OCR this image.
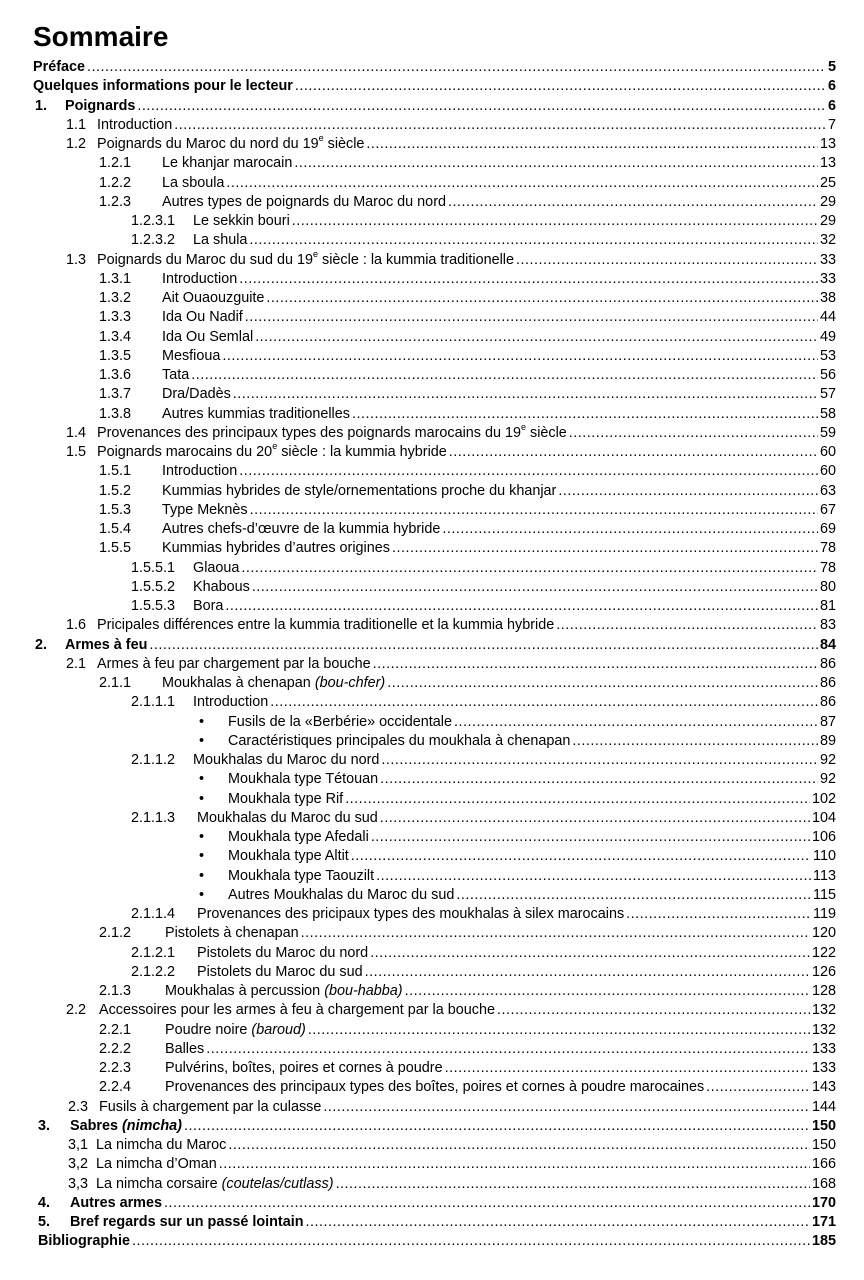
Sommaire
Préface .....	5
Quelques informations pour le lecteur .....	6
1.	Poignards .....	6
1.1 Introduction .....	7
1.2 Poignards du Maroc du nord du 19e siècle .....	13
1.2.1	Le khanjar marocain .....	13
1.2.2	La sboula .....	25
1.2.3	Autres types de poignards du Maroc du nord .....	29
1.2.3.1	Le sekkin bouri .....	29
1.2.3.2	La shula .....	32
1.3 Poignards du Maroc du sud du 19e siècle : la kummia traditionelle .....	33
1.3.1	Introduction .....	33
1.3.2	Ait Ouaouzguite .....	38
1.3.3	Ida Ou Nadif .....	44
1.3.4	Ida Ou Semlal .....	49
1.3.5	Mesfioua .....	53
1.3.6	Tata .....	56
1.3.7	Dra/Dadès .....	57
1.3.8	Autres kummias traditionelles .....	58
1.4 Provenances des principaux types des poignards marocains du 19e siècle .....	59
1.5 Poignards marocains du 20e siècle : la kummia hybride .....	60
1.5.1	Introduction .....	60
1.5.2	Kummias hybrides de style/ornementations proche du khanjar .....	63
1.5.3	Type Meknès .....	67
1.5.4	Autres chefs-d’œuvre de la kummia hybride .....	69
1.5.5	Kummias hybrides d’autres origines .....	78
1.5.5.1	Glaoua .....	78
1.5.5.2	Khabous .....	80
1.5.5.3	Bora .....	81
1.6 Pricipales différences entre la kummia traditionelle et la kummia hybride .....	83
2.	Armes à feu .....	84
2.1 Armes à feu par chargement par la bouche .....	86
2.1.1	Moukhalas à chenapan (bou-chfer) .....	86
2.1.1.1	Introduction .....	86
•	Fusils de la «Berbérie» occidentale .....	87
•	Caractéristiques principales du moukhala à chenapan .....	89
2.1.1.2	Moukhalas du Maroc du nord .....	92
•	Moukhala type Tétouan .....	92
•	Moukhala type Rif .....	102
2.1.1.3	Moukhalas du Maroc du sud .....	104
•	Moukhala type Afedali .....	106
•	Moukhala type Altit .....	110
•	Moukhala type Taouzilt .....	113
•	Autres Moukhalas du Maroc du sud .....	115
2.1.1.4	Provenances des pricipaux types des moukhalas à silex marocains .....	119
2.1.2	Pistolets à chenapan .....	120
2.1.2.1	Pistolets du Maroc du nord .....	122
2.1.2.2	Pistolets du Maroc du sud .....	126
2.1.3	Moukhalas à percussion (bou-habba) .....	128
2.2 Accessoires pour les armes à feu à chargement par la bouche .....	132
2.2.1	Poudre noire (baroud) .....	132
2.2.2	Balles .....	133
2.2.3	Pulvérins, boîtes, poires et cornes à poudre .....	133
2.2.4	Provenances des principaux types des boîtes, poires et cornes à poudre marocaines .....	143
2.3 Fusils à chargement par la culasse .....	144
3.	Sabres (nimcha) .....	150
3,1 La nimcha du Maroc .....	150
3,2 La nimcha d’Oman .....	166
3,3 La nimcha corsaire (coutelas/cutlass) .....	168
4.	Autres armes .....	170
5.	Bref regards sur un passé lointain .....	171
Bibliographie .....	185
